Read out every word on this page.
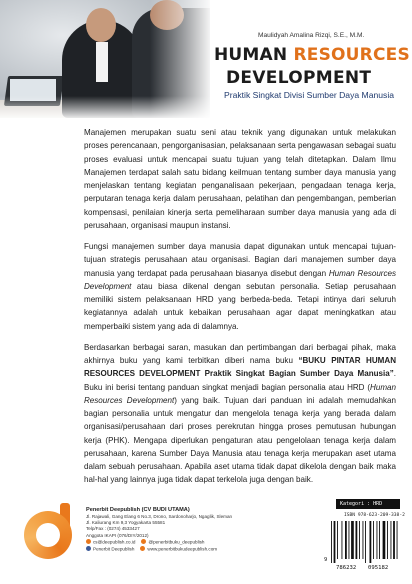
Maulidyah Amalina Rizqi, S.E., M.M.
HUMAN RESOURCES
DEVELOPMENT
Praktik Singkat Divisi Sumber Daya Manusia

Manajemen merupakan suatu seni atau teknik yang digunakan untuk melakukan proses perencanaan, pengorganisasian, pelaksanaan serta pengawasan sebagai suatu proses evaluasi untuk mencapai suatu tujuan yang telah ditetapkan. Dalam Ilmu Manajemen terdapat salah satu bidang keilmuan tentang sumber daya manusia yang menjelaskan tentang kegiatan penganalisaan pekerjaan, pengadaan tenaga kerja, perputaran tenaga kerja dalam perusahaan, pelatihan dan pengembangan, pemberian kompensasi, penilaian kinerja serta pemeliharaan sumber daya manusia yang ada di perusahaan, organisasi maupun instansi.

Fungsi manajemen sumber daya manusia dapat digunakan untuk mencapai tujuan-tujuan strategis perusahaan atau organisasi. Bagian dari manajemen sumber daya manusia yang terdapat pada perusahaan biasanya disebut dengan Human Resources Development atau biasa dikenal dengan sebutan personalia. Setiap perusahaan memiliki sistem pelaksanaan HRD yang berbeda-beda. Tetapi intinya dari seluruh kegiatannya adalah untuk kebaikan perusahaan agar dapat meningkatkan atau memperbaiki sistem yang ada di dalamnya.

Berdasarkan berbagai saran, masukan dan pertimbangan dari berbagai pihak, maka akhirnya buku yang kami terbitkan diberi nama buku “BUKU PINTAR HUMAN RESOURCES DEVELOPMENT Praktik Singkat Bagian Sumber Daya Manusia”. Buku ini berisi tentang panduan singkat menjadi bagian personalia atau HRD (Human Resources Development) yang baik. Tujuan dari panduan ini adalah memudahkan bagian personalia untuk mengatur dan mengelola tenaga kerja yang berada dalam organisasi/perusahaan dari proses perekrutan hingga proses pemutusan hubungan kerja (PHK). Mengapa diperlukan pengaturan atau pengelolaan tenaga kerja dalam perusahaan, karena Sumber Daya Manusia atau tenaga kerja merupakan aset utama dalam sebuah perusahaan. Apabila aset utama tidak dapat dikelola dengan baik maka hal-hal yang lainnya juga tidak dapat terkelola juga dengan baik.

Penerbit Deepublish (CV BUDI UTAMA)
Jl. Rajawali, Gang Elang 6 No.3, Drono, Sardonoharjo, Ngaglik, Sleman
Jl. Kaliurang Km 9,3 Yogyakarta 55581
Telp/Fax : (0274) 4533427
Anggota IKAPI (076/DIY/2012)
cs@deepublish.co.id	@penerbitbuku_deepublish
Penerbit Deepublish	www.penerbitbukudeepublish.com
Kategori : HRD
ISBN 978-623-209-338-2
9
786232 095182
